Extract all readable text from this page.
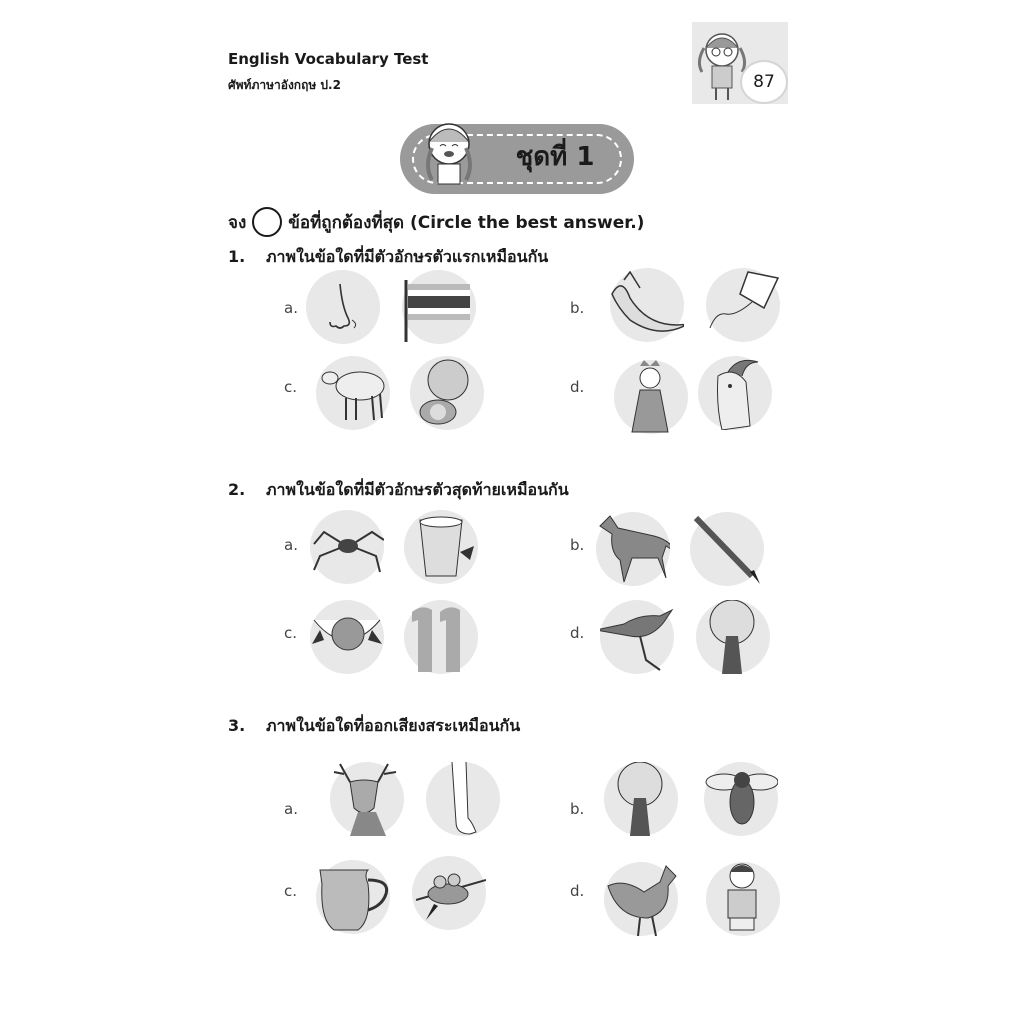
English Vocabulary Test
ศัพท์ภาษาอังกฤษ ป.2	87
ชุดที่ 1
จง ข้อที่ถูกต้องที่สุด (Circle the best answer.)
1. ภาพในข้อใดที่มีตัวอักษรตัวแรกเหมือนกัน
a.	b.
c.	d.
2. ภาพในข้อใดที่มีตัวอักษรตัวสุดท้ายเหมือนกัน
a.	b.
c.	d.
3. ภาพในข้อใดที่ออกเสียงสระเหมือนกัน
a.	b.
c.	d.
